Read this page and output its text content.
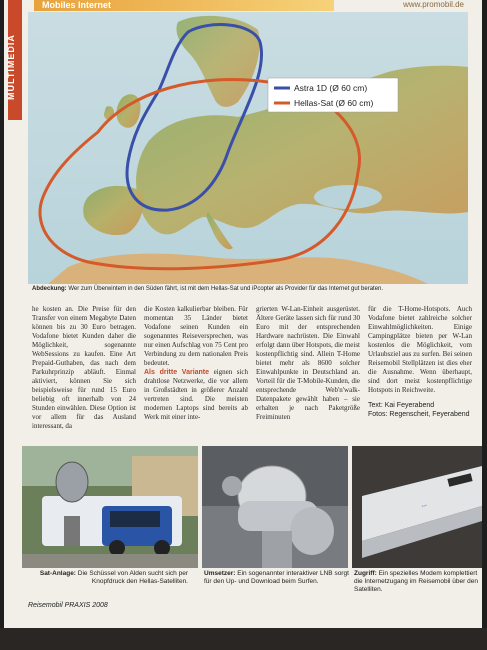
MULTIMEDIA
Mobiles Internet	www.promobil.de
Astra 1D (Ø 60 cm)
Hellas-Sat (Ø 60 cm)
Abdeckung: Wer zum Überwintern in den Süden fährt, ist mit dem Hellas-Sat und iPcopter als Provider für das Internet gut beraten.
he kosten an. Die Preise für den Transfer von einem Megabyte Daten können bis zu 30 Euro betragen. Vodafone bietet Kunden daher die Möglichkeit, sogenannte WebSessions zu kaufen. Eine Art Prepaid-Guthaben, das nach dem Parkuhrprinzip abläuft. Einmal aktiviert, können Sie sich beispielsweise für rund 15 Euro beliebig oft innerhalb von 24 Stunden einwählen. Diese Option ist vor allem für das Ausland interessant, da
die Kosten kalkulierbar bleiben. Für momentan 35 Länder bietet Vodafone seinen Kunden ein sogenanntes Reiseversprechen, was nur einen Aufschlag von 75 Cent pro Verbindung zu dem nationalen Preis bedeutet.
Als dritte Variante eignen sich drahtlose Netzwerke, die vor allem in Großstädten in größerer Anzahl vertreten sind. Die meisten modernen Laptops sind bereits ab Werk mit einer inte-
grierten W-Lan-Einheit ausgerüstet. Ältere Geräte lassen sich für rund 30 Euro mit der entsprechenden Hardware nachrüsten. Die Einwahl erfolgt dann über Hotspots, die meist kostenpflichtig sind. Allein T-Home bietet mehr als 8600 solcher Einwahlpunkte in Deutschland an. Vorteil für die T-Mobile-Kunden, die entsprechende Web'n'walk-Datenpakete gewählt haben – sie erhalten je nach Paketgröße Freiminuten
für die T-Home-Hotspots. Auch Vodafone bietet zahlreiche solcher Einwahlmöglichkeiten. Einige Campingplätze bieten per W-Lan kostenlos die Möglichkeit, vom Urlaubsziel aus zu surfen. Bei seinen Reisemobil Stellplätzen ist dies eher die Ausnahme. Wenn überhaupt, sind dort meist kostenpflichtige Hotspots in Reichweite.
Text: Kai Feyerabend
Fotos: Regenscheit, Feyerabend
Sat-Anlage: Die Schüssel von Alden sucht sich per Knopfdruck den Hellas-Satelliten.
Umsetzer: Ein sogenannter interaktiver LNB sorgt für den Up- und Download beim Surfen.
◦◦◦
Zugriff: Ein spezielles Modem komplettiert die Internetzugang im Reisemobil über den Satelliten.
Reisemobil PRAXIS 2008
